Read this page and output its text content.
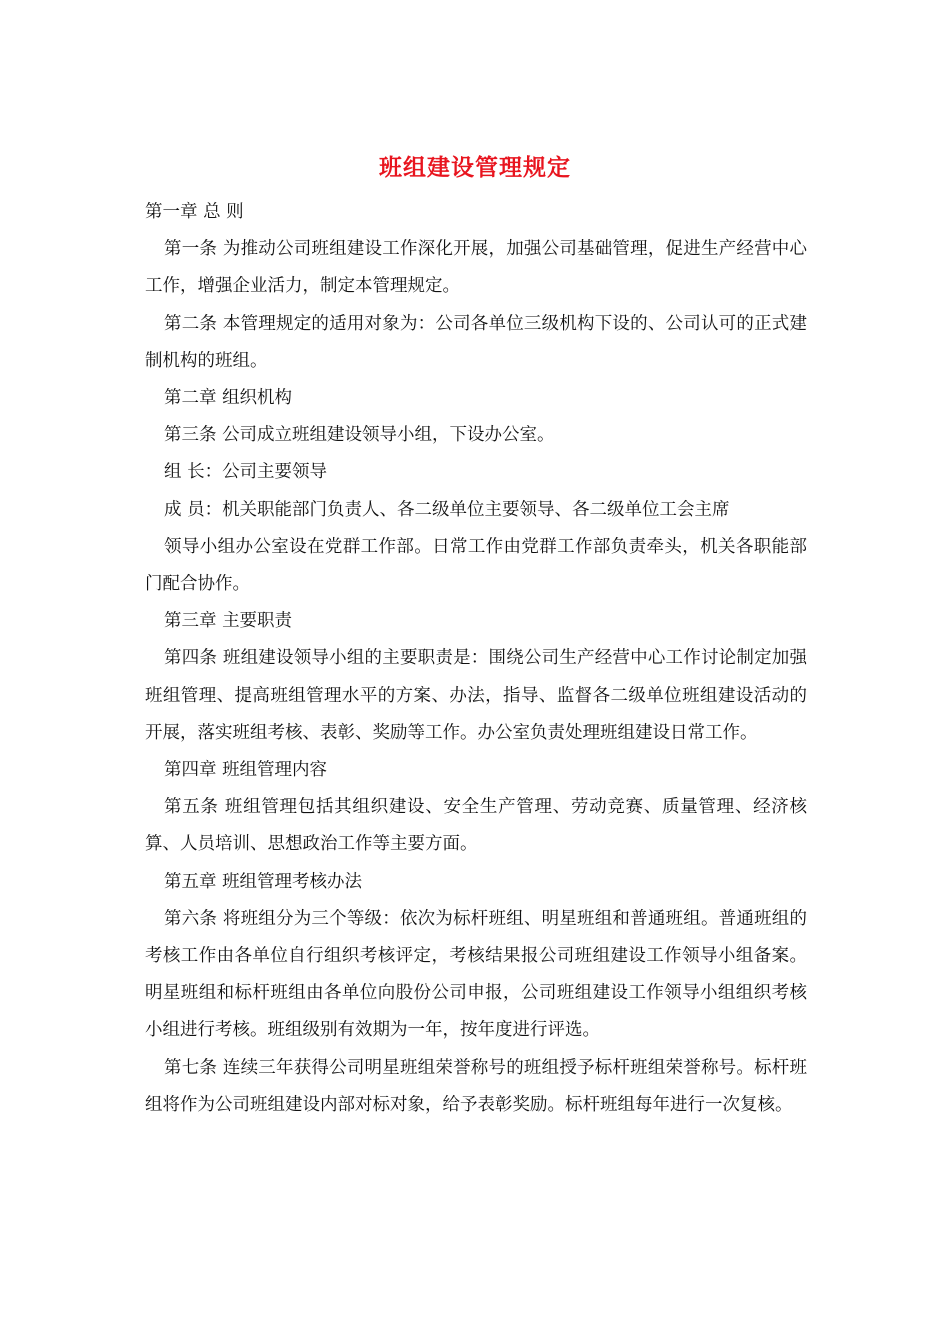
班组建设管理规定

第一章 总 则

第一条 为推动公司班组建设工作深化开展，加强公司基础管理，促进生产经营中心工作，增强企业活力，制定本管理规定。

第二条 本管理规定的适用对象为：公司各单位三级机构下设的、公司认可的正式建制机构的班组。

第二章 组织机构

第三条 公司成立班组建设领导小组，下设办公室。

组 长：公司主要领导

成 员：机关职能部门负责人、各二级单位主要领导、各二级单位工会主席

领导小组办公室设在党群工作部。日常工作由党群工作部负责牵头，机关各职能部门配合协作。

第三章 主要职责

第四条 班组建设领导小组的主要职责是：围绕公司生产经营中心工作讨论制定加强班组管理、提高班组管理水平的方案、办法，指导、监督各二级单位班组建设活动的开展，落实班组考核、表彰、奖励等工作。办公室负责处理班组建设日常工作。

第四章 班组管理内容

第五条 班组管理包括其组织建设、安全生产管理、劳动竞赛、质量管理、经济核算、人员培训、思想政治工作等主要方面。

第五章 班组管理考核办法

第六条 将班组分为三个等级：依次为标杆班组、明星班组和普通班组。普通班组的考核工作由各单位自行组织考核评定，考核结果报公司班组建设工作领导小组备案。明星班组和标杆班组由各单位向股份公司申报，公司班组建设工作领导小组组织考核小组进行考核。班组级别有效期为一年，按年度进行评选。

第七条 连续三年获得公司明星班组荣誉称号的班组授予标杆班组荣誉称号。标杆班组将作为公司班组建设内部对标对象，给予表彰奖励。标杆班组每年进行一次复核。
